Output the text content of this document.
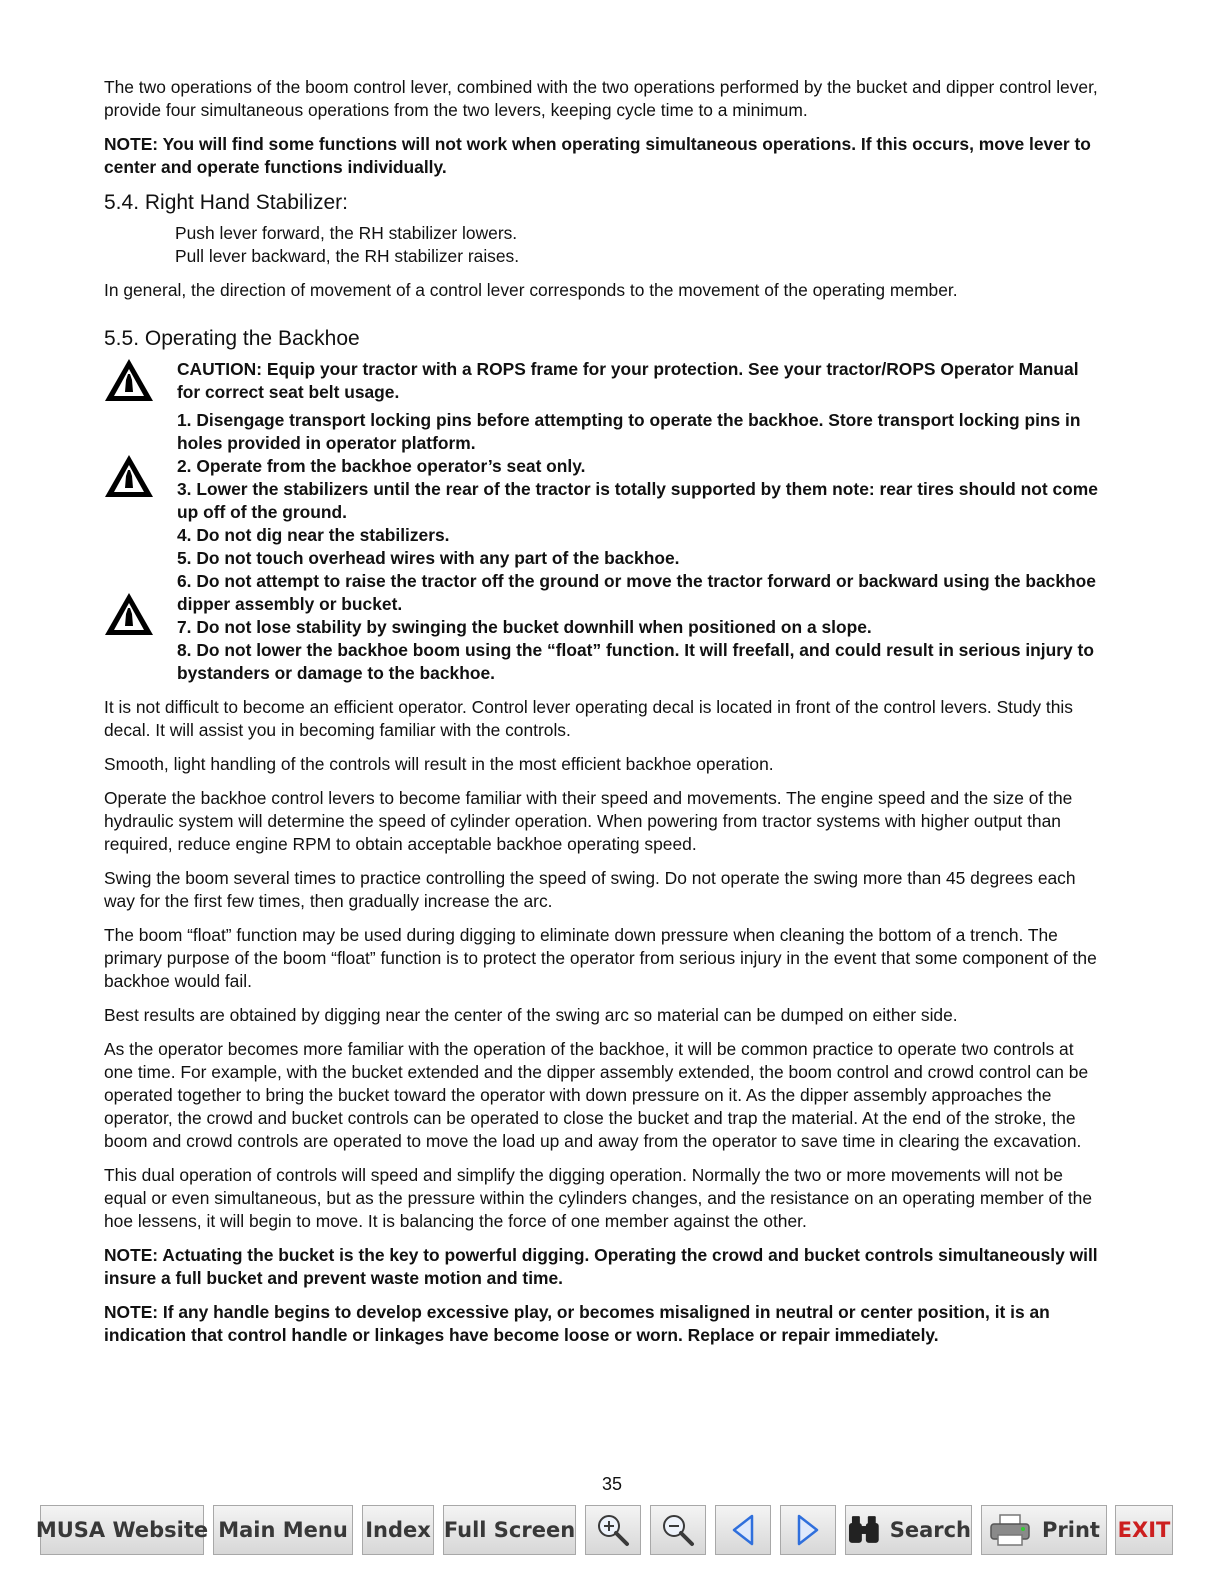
The two operations of the boom control lever, combined with the two operations performed by the bucket and dipper control lever, provide four simultaneous operations from the two levers, keeping cycle time to a minimum.

NOTE: You will find some functions will not work when operating simultaneous operations. If this occurs, move lever to center and operate functions individually.

5.4. Right Hand Stabilizer:

Push lever forward, the RH stabilizer lowers.

Pull lever backward, the RH stabilizer raises.

In general, the direction of movement of a control lever corresponds to the movement of the operating member.

5.5. Operating the Backhoe

CAUTION: Equip your tractor with a ROPS frame for your protection. See your tractor/ROPS Operator Manual for correct seat belt usage.

1. Disengage transport locking pins before attempting to operate the backhoe. Store transport locking pins in holes provided in operator platform.

2. Operate from the backhoe operator’s seat only.

3. Lower the stabilizers until the rear of the tractor is totally supported by them note: rear tires should not come up off of the ground.

4. Do not dig near the stabilizers.

5. Do not touch overhead wires with any part of the backhoe.

6. Do not attempt to raise the tractor off the ground or move the tractor forward or backward using the backhoe dipper assembly or bucket.

7. Do not lose stability by swinging the bucket downhill when positioned on a slope.

8. Do not lower the backhoe boom using the “float” function. It will freefall, and could result in serious injury to bystanders or damage to the backhoe.

It is not difficult to become an efficient operator. Control lever operating decal is located in front of the control levers. Study this decal. It will assist you in becoming familiar with the controls.

Smooth, light handling of the controls will result in the most efficient backhoe operation.

Operate the backhoe control levers to become familiar with their speed and movements. The engine speed and the size of the hydraulic system will determine the speed of cylinder operation. When powering from tractor systems with higher output than required, reduce engine RPM to obtain acceptable backhoe operating speed.

Swing the boom several times to practice controlling the speed of swing. Do not operate the swing more than 45 degrees each way for the first few times, then gradually increase the arc.

The boom “float” function may be used during digging to eliminate down pressure when cleaning the bottom of a trench. The primary purpose of the boom “float” function is to protect the operator from serious injury in the event that some component of the backhoe would fail.

Best results are obtained by digging near the center of the swing arc so material can be dumped on either side.

As the operator becomes more familiar with the operation of the backhoe, it will be common practice to operate two controls at one time. For example, with the bucket extended and the dipper assembly extended, the boom control and crowd control can be operated together to bring the bucket toward the operator with down pressure on it. As the dipper assembly approaches the operator, the crowd and bucket controls can be operated to close the bucket and trap the material. At the end of the stroke, the boom and crowd controls are operated to move the load up and away from the operator to save time in clearing the excavation.

This dual operation of controls will speed and simplify the digging operation. Normally the two or more movements will not be equal or even simultaneous, but as the pressure within the cylinders changes, and the resistance on an operating member of the hoe lessens, it will begin to move. It is balancing the force of one member against the other.

NOTE: Actuating the bucket is the key to powerful digging. Operating the crowd and bucket controls simultaneously will insure a full bucket and prevent waste motion and time.

NOTE: If any handle begins to develop excessive play, or becomes misaligned in neutral or center position, it is an indication that control handle or linkages have become loose or worn. Replace or repair immediately.

35
MUSA Website Main Menu Index Full Screen	Search	Print EXIT
